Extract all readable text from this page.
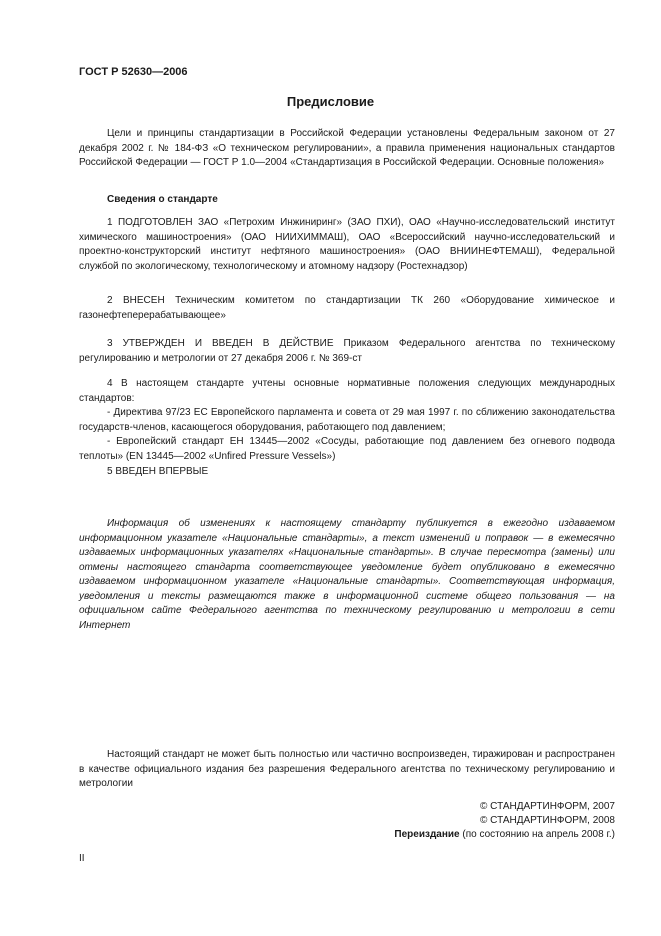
ГОСТ Р 52630—2006
Предисловие
Цели и принципы стандартизации в Российской Федерации установлены Федеральным законом от 27 декабря 2002 г. № 184-ФЗ «О техническом регулировании», а правила применения национальных стандартов Российской Федерации — ГОСТ Р 1.0—2004 «Стандартизация в Российской Федерации. Основные положения»
Сведения о стандарте
1 ПОДГОТОВЛЕН ЗАО «Петрохим Инжиниринг» (ЗАО ПХИ), ОАО «Научно-исследовательский институт химического машиностроения» (ОАО НИИХИММАШ), ОАО «Всероссийский научно-исследовательский и проектно-конструкторский институт нефтяного машиностроения» (ОАО ВНИИНЕФТЕМАШ), Федеральной службой по экологическому, технологическому и атомному надзору (Ростехнадзор)
2 ВНЕСЕН Техническим комитетом по стандартизации ТК 260 «Оборудование химическое и газонефтеперерабатывающее»
3 УТВЕРЖДЕН И ВВЕДЕН В ДЕЙСТВИЕ Приказом Федерального агентства по техническому регулированию и метрологии от 27 декабря 2006 г. № 369-ст

4 В настоящем стандарте учтены основные нормативные положения следующих международных стандартов:

- Директива 97/23 ЕС Европейского парламента и совета от 29 мая 1997 г. по сближению законодательства государств-членов, касающегося оборудования, работающего под давлением;

- Европейский стандарт ЕН 13445—2002 «Сосуды, работающие под давлением без огневого подвода теплоты» (EN 13445—2002 «Unfired Pressure Vessels»)

5 ВВЕДЕН ВПЕРВЫЕ
Информация об изменениях к настоящему стандарту публикуется в ежегодно издаваемом информационном указателе «Национальные стандарты», а текст изменений и поправок — в ежемесячно издаваемых информационных указателях «Национальные стандарты». В случае пересмотра (замены) или отмены настоящего стандарта соответствующее уведомление будет опубликовано в ежемесячно издаваемом информационном указателе «Национальные стандарты». Соответствующая информация, уведомления и тексты размещаются также в информационной системе общего пользования — на официальном сайте Федерального агентства по техническому регулированию и метрологии в сети Интернет
Настоящий стандарт не может быть полностью или частично воспроизведен, тиражирован и распространен в качестве официального издания без разрешения Федерального агентства по техническому регулированию и метрологии
© СТАНДАРТИНФОРМ, 2007
© СТАНДАРТИНФОРМ, 2008
Переиздание (по состоянию на апрель 2008 г.)
II
